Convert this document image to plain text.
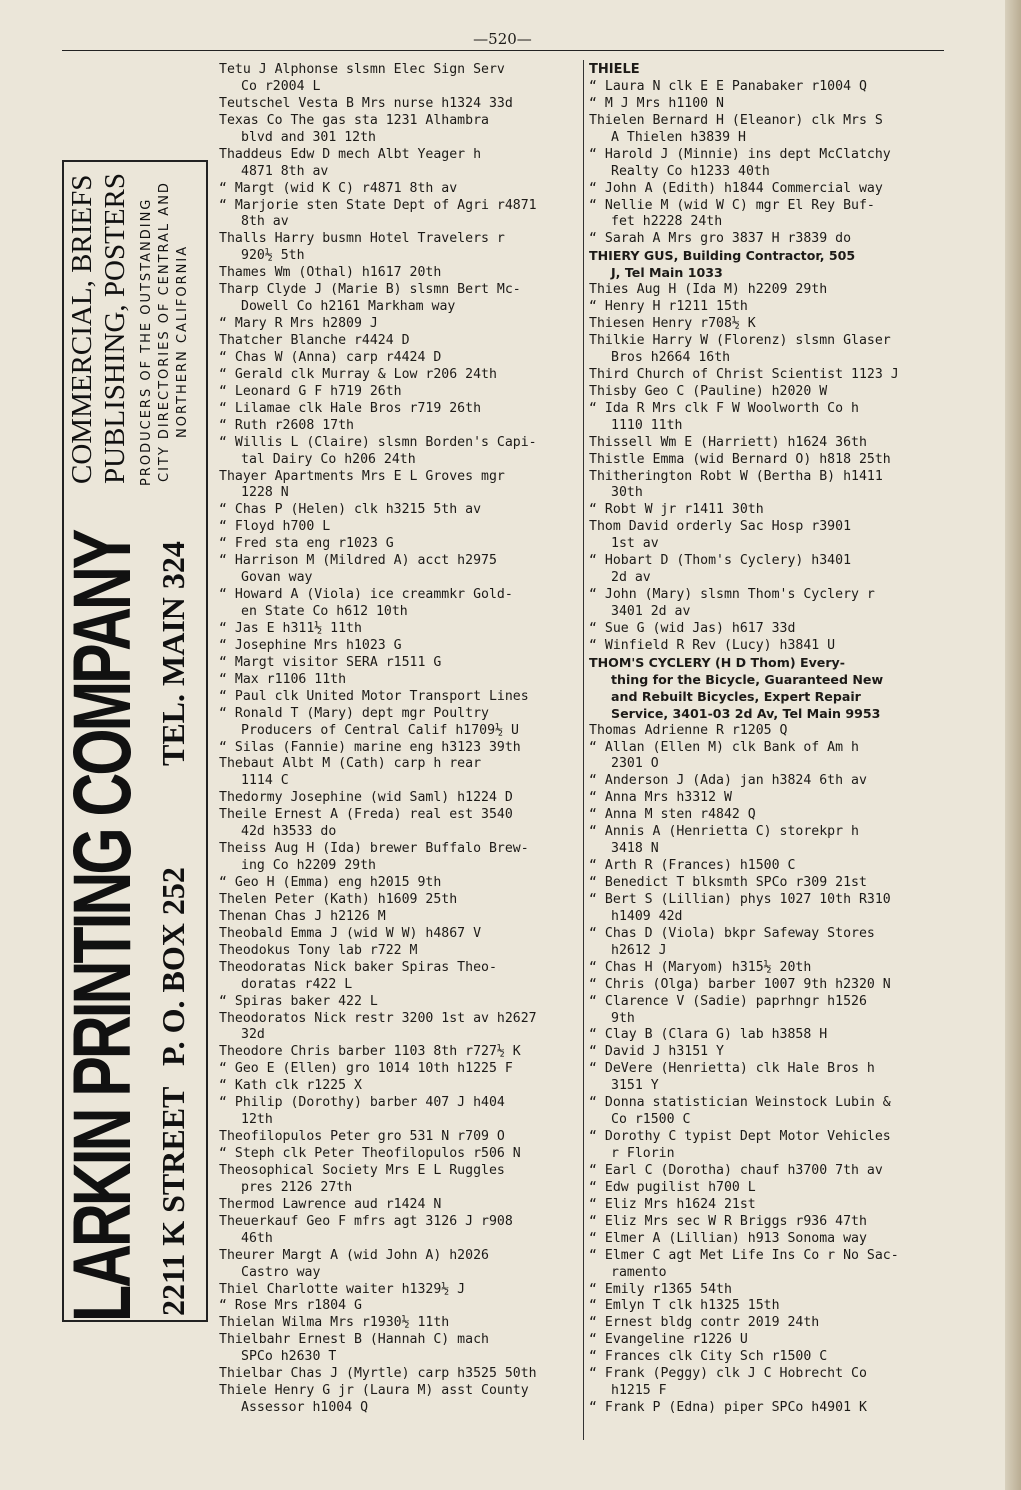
—520—
LARKIN PRINTING COMPANY 2211 K STREETP. O. BOX 252TEL. MAIN 324
COMMERCIAL, BRIEFS PUBLISHING, POSTERS PRODUCERS OF THE OUTSTANDING CITY DIRECTORIES OF CENTRAL AND NORTHERN CALIFORNIA
Tetu J Alphonse slsmn Elec Sign Serv
Co r2004 L
Teutschel Vesta B Mrs nurse h1324 33d
Texas Co The gas sta 1231 Alhambra
blvd and 301 12th
Thaddeus Edw D mech Albt Yeager h
4871 8th av
“ Margt (wid K C) r4871 8th av
“ Marjorie sten State Dept of Agri r4871
8th av
Thalls Harry busmn Hotel Travelers r
920½ 5th
Thames Wm (Othal) h1617 20th
Tharp Clyde J (Marie B) slsmn Bert Mc-
Dowell Co h2161 Markham way
“ Mary R Mrs h2809 J
Thatcher Blanche r4424 D
“ Chas W (Anna) carp r4424 D
“ Gerald clk Murray & Low r206 24th
“ Leonard G F h719 26th
“ Lilamae clk Hale Bros r719 26th
“ Ruth r2608 17th
“ Willis L (Claire) slsmn Borden's Capi-
tal Dairy Co h206 24th
Thayer Apartments Mrs E L Groves mgr
1228 N
“ Chas P (Helen) clk h3215 5th av
“ Floyd h700 L
“ Fred sta eng r1023 G
“ Harrison M (Mildred A) acct h2975
Govan way
“ Howard A (Viola) ice creammkr Gold-
en State Co h612 10th
“ Jas E h311½ 11th
“ Josephine Mrs h1023 G
“ Margt visitor SERA r1511 G
“ Max r1106 11th
“ Paul clk United Motor Transport Lines
“ Ronald T (Mary) dept mgr Poultry
Producers of Central Calif h1709½ U
“ Silas (Fannie) marine eng h3123 39th
Thebaut Albt M (Cath) carp h rear
1114 C
Thedormy Josephine (wid Saml) h1224 D
Theile Ernest A (Freda) real est 3540
42d h3533 do
Theiss Aug H (Ida) brewer Buffalo Brew-
ing Co h2209 29th
“ Geo H (Emma) eng h2015 9th
Thelen Peter (Kath) h1609 25th
Thenan Chas J h2126 M
Theobald Emma J (wid W W) h4867 V
Theodokus Tony lab r722 M
Theodoratas Nick baker Spiras Theo-
doratas r422 L
“ Spiras baker 422 L
Theodoratos Nick restr 3200 1st av h2627
32d
Theodore Chris barber 1103 8th r727½ K
“ Geo E (Ellen) gro 1014 10th h1225 F
“ Kath clk r1225 X
“ Philip (Dorothy) barber 407 J h404
12th
Theofilopulos Peter gro 531 N r709 O
“ Steph clk Peter Theofilopulos r506 N
Theosophical Society Mrs E L Ruggles
pres 2126 27th
Thermod Lawrence aud r1424 N
Theuerkauf Geo F mfrs agt 3126 J r908
46th
Theurer Margt A (wid John A) h2026
Castro way
Thiel Charlotte waiter h1329½ J
“ Rose Mrs r1804 G
Thielan Wilma Mrs r1930½ 11th
Thielbahr Ernest B (Hannah C) mach
SPCo h2630 T
Thielbar Chas J (Myrtle) carp h3525 50th
Thiele Henry G jr (Laura M) asst County
Assessor h1004 Q
THIELE
“ Laura N clk E E Panabaker r1004 Q
“ M J Mrs h1100 N
Thielen Bernard H (Eleanor) clk Mrs S
A Thielen h3839 H
“ Harold J (Minnie) ins dept McClatchy
Realty Co h1233 40th
“ John A (Edith) h1844 Commercial way
“ Nellie M (wid W C) mgr El Rey Buf-
fet h2228 24th
“ Sarah A Mrs gro 3837 H r3839 do
THIERY GUS, Building Contractor, 505
J, Tel Main 1033
Thies Aug H (Ida M) h2209 29th
“ Henry H r1211 15th
Thiesen Henry r708½ K
Thilkie Harry W (Florenz) slsmn Glaser
Bros h2664 16th
Third Church of Christ Scientist 1123 J
Thisby Geo C (Pauline) h2020 W
“ Ida R Mrs clk F W Woolworth Co h
1110 11th
Thissell Wm E (Harriett) h1624 36th
Thistle Emma (wid Bernard O) h818 25th
Thitherington Robt W (Bertha B) h1411
30th
“ Robt W jr r1411 30th
Thom David orderly Sac Hosp r3901
1st av
“ Hobart D (Thom's Cyclery) h3401
2d av
“ John (Mary) slsmn Thom's Cyclery r
3401 2d av
“ Sue G (wid Jas) h617 33d
“ Winfield R Rev (Lucy) h3841 U
THOM'S CYCLERY (H D Thom) Every-
thing for the Bicycle, Guaranteed New
and Rebuilt Bicycles, Expert Repair
Service, 3401-03 2d Av, Tel Main 9953
Thomas Adrienne R r1205 Q
“ Allan (Ellen M) clk Bank of Am h
2301 O
“ Anderson J (Ada) jan h3824 6th av
“ Anna Mrs h3312 W
“ Anna M sten r4842 Q
“ Annis A (Henrietta C) storekpr h
3418 N
“ Arth R (Frances) h1500 C
“ Benedict T blksmth SPCo r309 21st
“ Bert S (Lillian) phys 1027 10th R310
h1409 42d
“ Chas D (Viola) bkpr Safeway Stores
h2612 J
“ Chas H (Maryom) h315½ 20th
“ Chris (Olga) barber 1007 9th h2320 N
“ Clarence V (Sadie) paprhngr h1526
9th
“ Clay B (Clara G) lab h3858 H
“ David J h3151 Y
“ DeVere (Henrietta) clk Hale Bros h
3151 Y
“ Donna statistician Weinstock Lubin &
Co r1500 C
“ Dorothy C typist Dept Motor Vehicles
r Florin
“ Earl C (Dorotha) chauf h3700 7th av
“ Edw pugilist h700 L
“ Eliz Mrs h1624 21st
“ Eliz Mrs sec W R Briggs r936 47th
“ Elmer A (Lillian) h913 Sonoma way
“ Elmer C agt Met Life Ins Co r No Sac-
ramento
“ Emily r1365 54th
“ Emlyn T clk h1325 15th
“ Ernest bldg contr 2019 24th
“ Evangeline r1226 U
“ Frances clk City Sch r1500 C
“ Frank (Peggy) clk J C Hobrecht Co
h1215 F
“ Frank P (Edna) piper SPCo h4901 K
